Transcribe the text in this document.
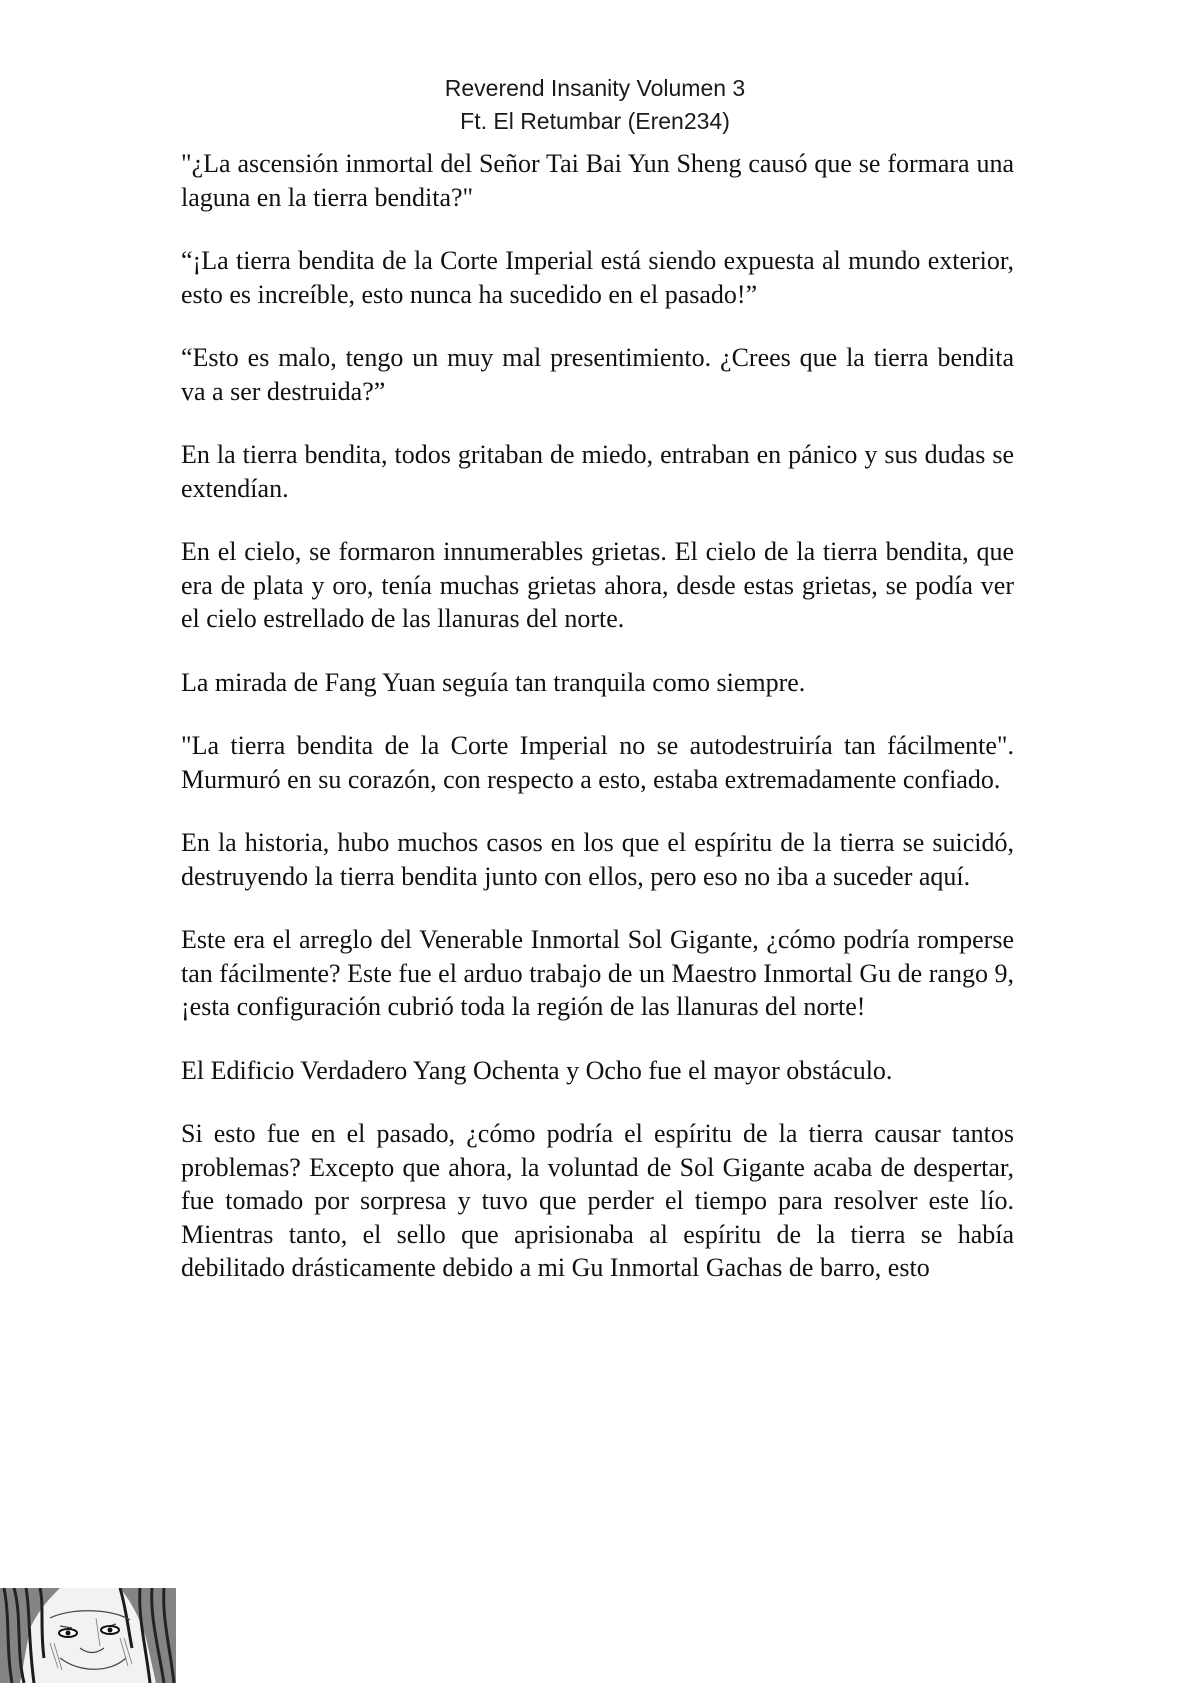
Reverend Insanity Volumen 3
Ft. El Retumbar (Eren234)

"¿La ascensión inmortal del Señor Tai Bai Yun Sheng causó que se formara una laguna en la tierra bendita?"

“¡La tierra bendita de la Corte Imperial está siendo expuesta al mundo exterior, esto es increíble, esto nunca ha sucedido en el pasado!”

“Esto es malo, tengo un muy mal presentimiento. ¿Crees que la tierra bendita va a ser destruida?”

En la tierra bendita, todos gritaban de miedo, entraban en pánico y sus dudas se extendían.

En el cielo, se formaron innumerables grietas. El cielo de la tierra bendita, que era de plata y oro, tenía muchas grietas ahora, desde estas grietas, se podía ver el cielo estrellado de las llanuras del norte.

La mirada de Fang Yuan seguía tan tranquila como siempre.

"La tierra bendita de la Corte Imperial no se autodestruiría tan fácilmente". Murmuró en su corazón, con respecto a esto, estaba extremadamente confiado.

En la historia, hubo muchos casos en los que el espíritu de la tierra se suicidó, destruyendo la tierra bendita junto con ellos, pero eso no iba a suceder aquí.

Este era el arreglo del Venerable Inmortal Sol Gigante, ¿cómo podría romperse tan fácilmente? Este fue el arduo trabajo de un Maestro Inmortal Gu de rango 9, ¡esta configuración cubrió toda la región de las llanuras del norte!

El Edificio Verdadero Yang Ochenta y Ocho fue el mayor obstáculo.

Si esto fue en el pasado, ¿cómo podría el espíritu de la tierra causar tantos problemas? Excepto que ahora, la voluntad de Sol Gigante acaba de despertar, fue tomado por sorpresa y tuvo que perder el tiempo para resolver este lío. Mientras tanto, el sello que aprisionaba al espíritu de la tierra se había debilitado drásticamente debido a mi Gu Inmortal Gachas de barro, esto
